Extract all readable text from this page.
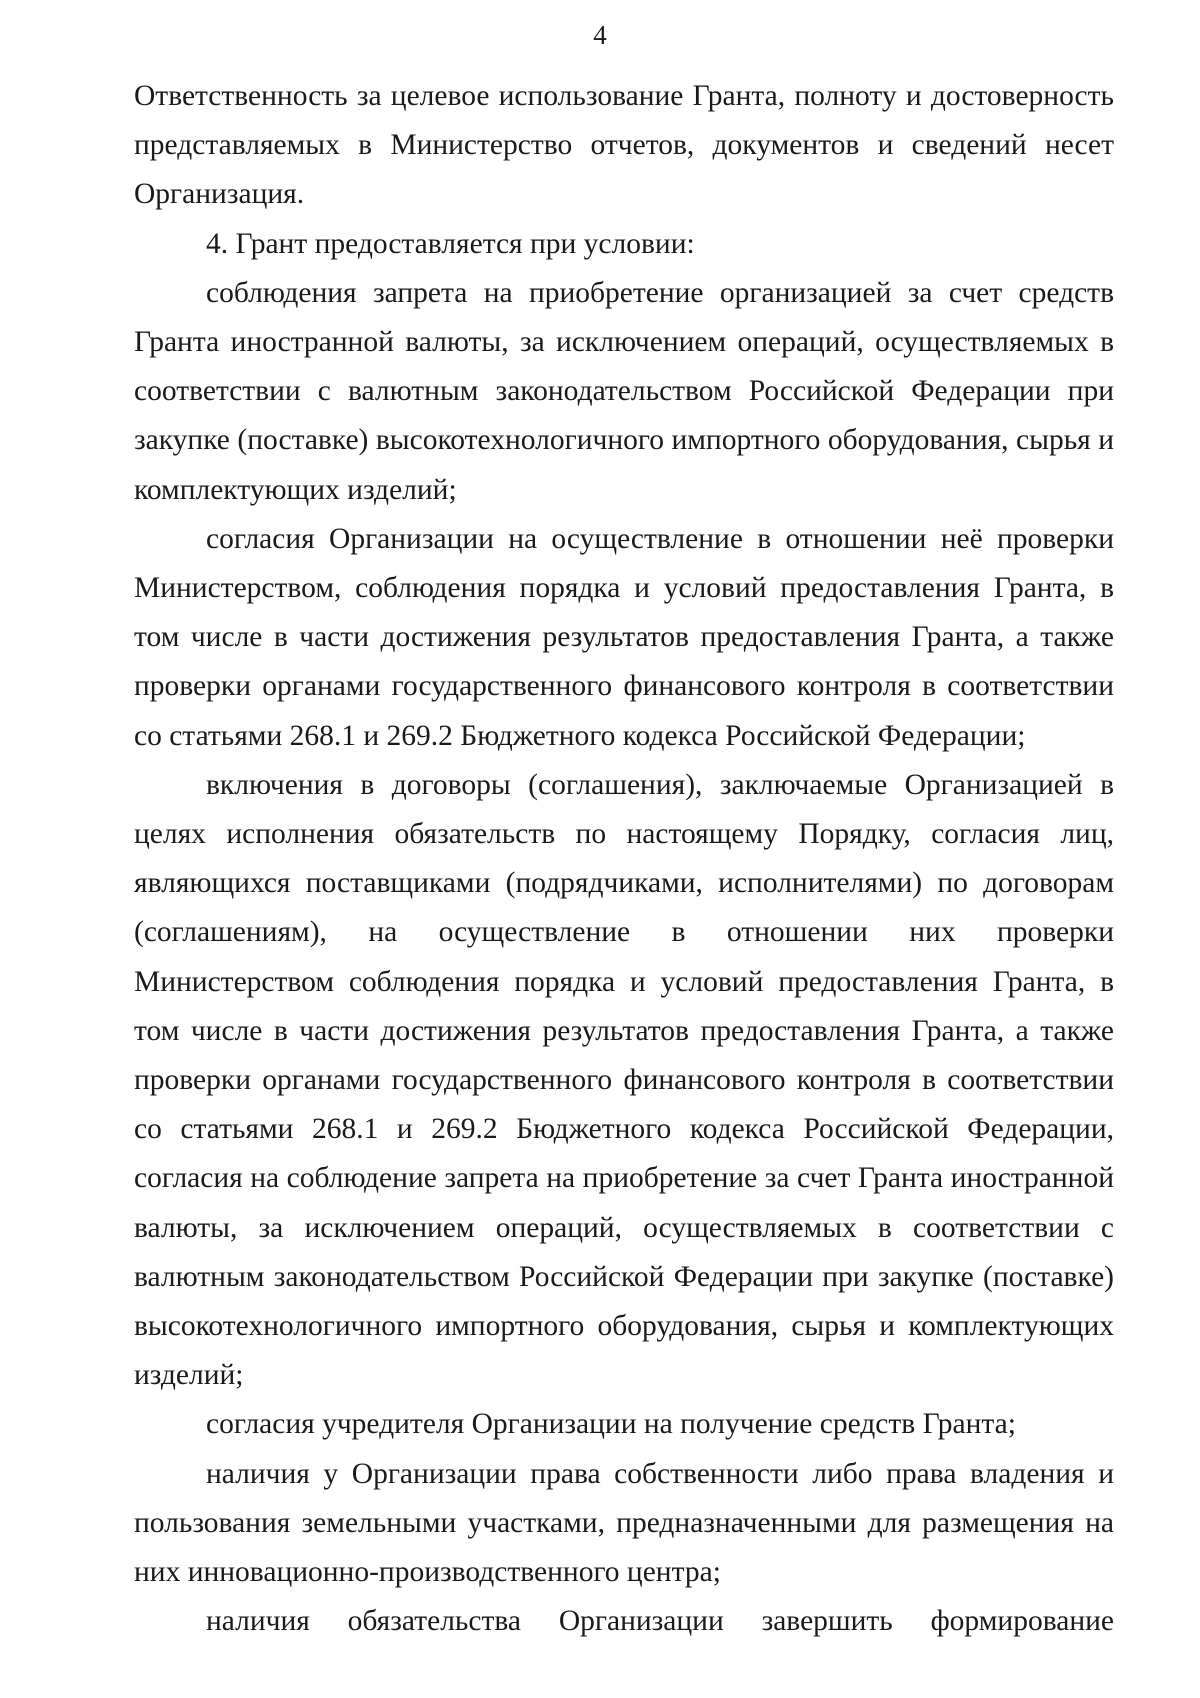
4

Ответственность за целевое использование Гранта, полноту и достоверность представляемых в Министерство отчетов, документов и сведений несет Организация.

4. Грант предоставляется при условии:

соблюдения запрета на приобретение организацией за счет средств Гранта иностранной валюты, за исключением операций, осуществляемых в соответствии с валютным законодательством Российской Федерации при закупке (поставке) высокотехнологичного импортного оборудования, сырья и комплектующих изделий;

согласия Организации на осуществление в отношении неё проверки Министерством, соблюдения порядка и условий предоставления Гранта, в том числе в части достижения результатов предоставления Гранта, а также проверки органами государственного финансового контроля в соответствии со статьями 268.1 и 269.2 Бюджетного кодекса Российской Федерации;

включения в договоры (соглашения), заключаемые Организацией в целях исполнения обязательств по настоящему Порядку, согласия лиц, являющихся поставщиками (подрядчиками, исполнителями) по договорам (соглашениям), на осуществление в отношении них проверки Министерством соблюдения порядка и условий предоставления Гранта, в том числе в части достижения результатов предоставления Гранта, а также проверки органами государственного финансового контроля в соответствии со статьями 268.1 и 269.2 Бюджетного кодекса Российской Федерации, согласия на соблюдение запрета на приобретение за счет Гранта иностранной валюты, за исключением операций, осуществляемых в соответствии с валютным законодательством Российской Федерации при закупке (поставке) высокотехнологичного импортного оборудования, сырья и комплектующих изделий;

согласия учредителя Организации на получение средств Гранта;

наличия у Организации права собственности либо права владения и пользования земельными участками, предназначенными для размещения на них инновационно-производственного центра;

наличия обязательства Организации завершить формирование
